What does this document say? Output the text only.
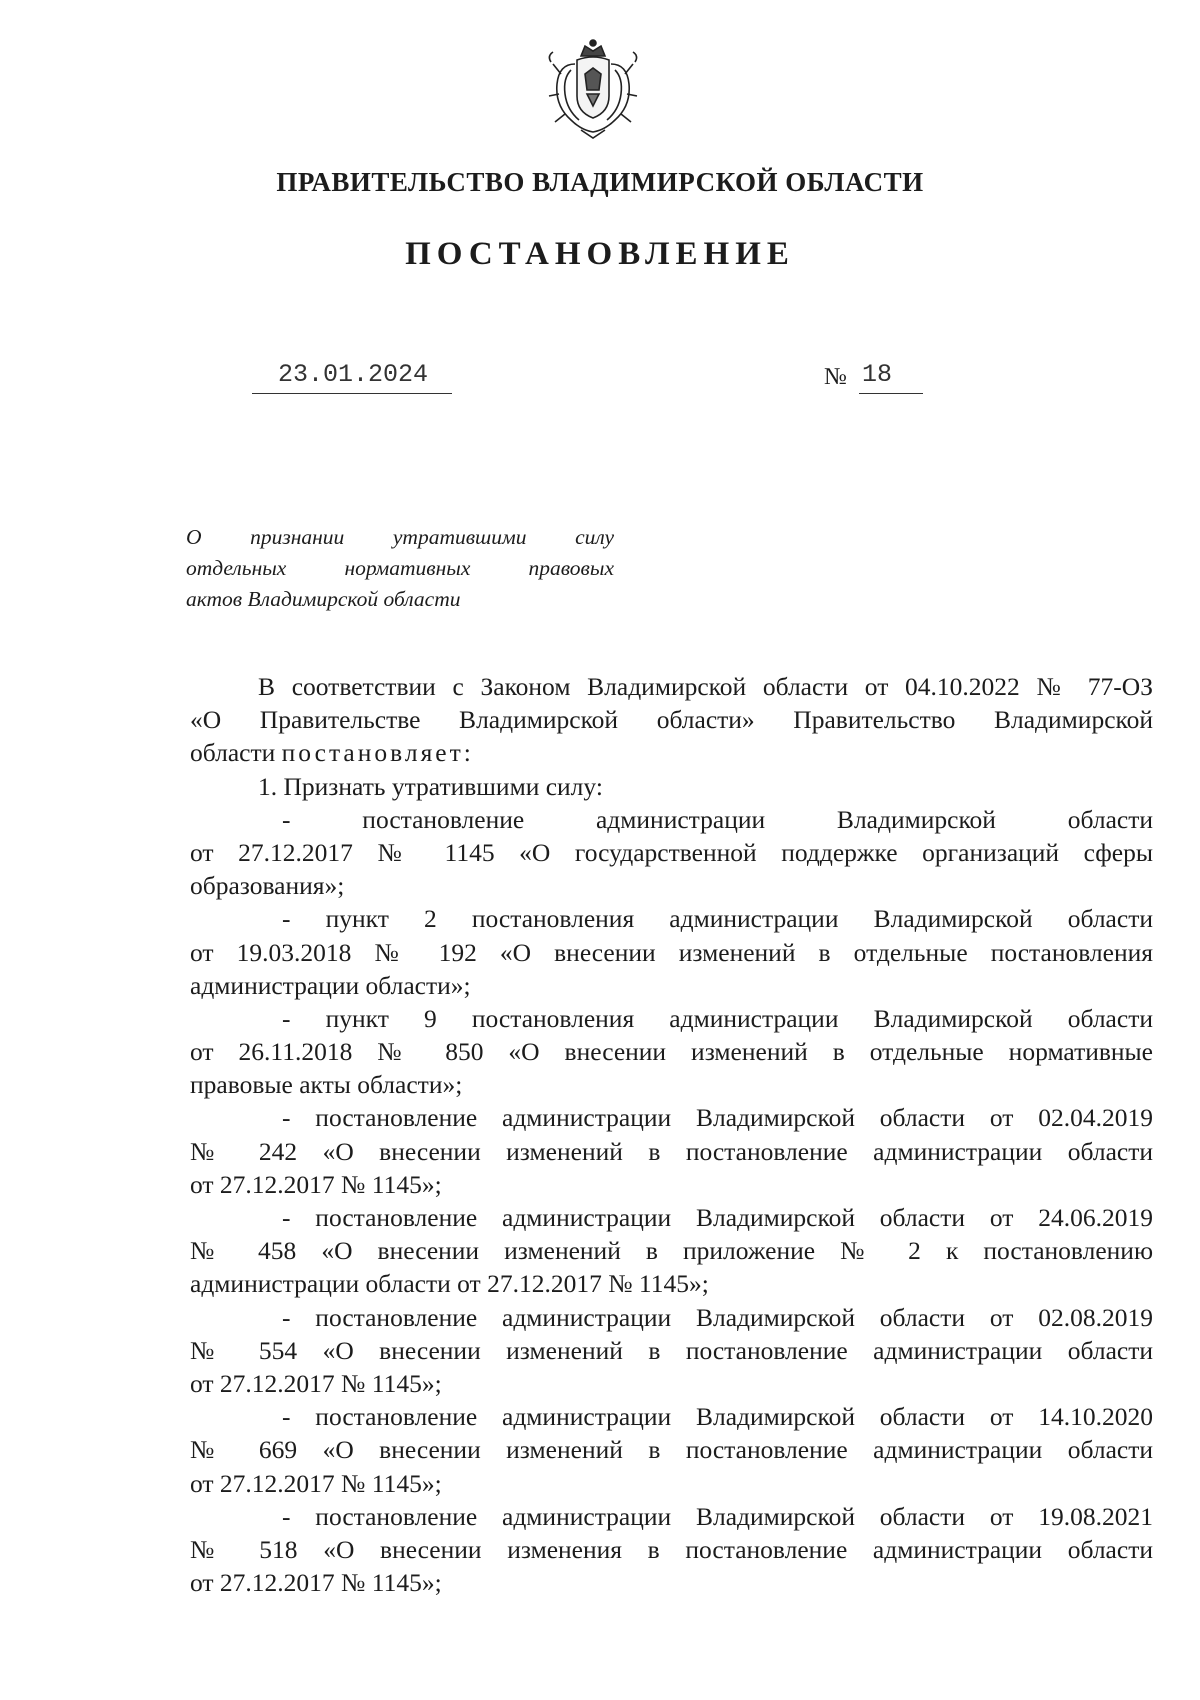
ПРАВИТЕЛЬСТВО ВЛАДИМИРСКОЙ ОБЛАСТИ
ПОСТАНОВЛЕНИЕ
23.01.2024	№ 18
О признании утратившими силу
отдельных нормативных правовых
актов Владимирской области
В соответствии с Законом Владимирской области от 04.10.2022 № 77-ОЗ
«О Правительстве Владимирской области» Правительство Владимирской
области постановляет:
1. Признать утратившими силу:
- постановление администрации Владимирской области
от 27.12.2017 № 1145 «О государственной поддержке организаций сферы
образования»;
- пункт 2 постановления администрации Владимирской области
от 19.03.2018 № 192 «О внесении изменений в отдельные постановления
администрации области»;
- пункт 9 постановления администрации Владимирской области
от 26.11.2018 № 850 «О внесении изменений в отдельные нормативные
правовые акты области»;
- постановление администрации Владимирской области от 02.04.2019
№ 242 «О внесении изменений в постановление администрации области
от 27.12.2017 № 1145»;
- постановление администрации Владимирской области от 24.06.2019
№ 458 «О внесении изменений в приложение № 2 к постановлению
администрации области от 27.12.2017 № 1145»;
- постановление администрации Владимирской области от 02.08.2019
№ 554 «О внесении изменений в постановление администрации области
от 27.12.2017 № 1145»;
- постановление администрации Владимирской области от 14.10.2020
№ 669 «О внесении изменений в постановление администрации области
от 27.12.2017 № 1145»;
- постановление администрации Владимирской области от 19.08.2021
№ 518 «О внесении изменения в постановление администрации области
от 27.12.2017 № 1145»;
